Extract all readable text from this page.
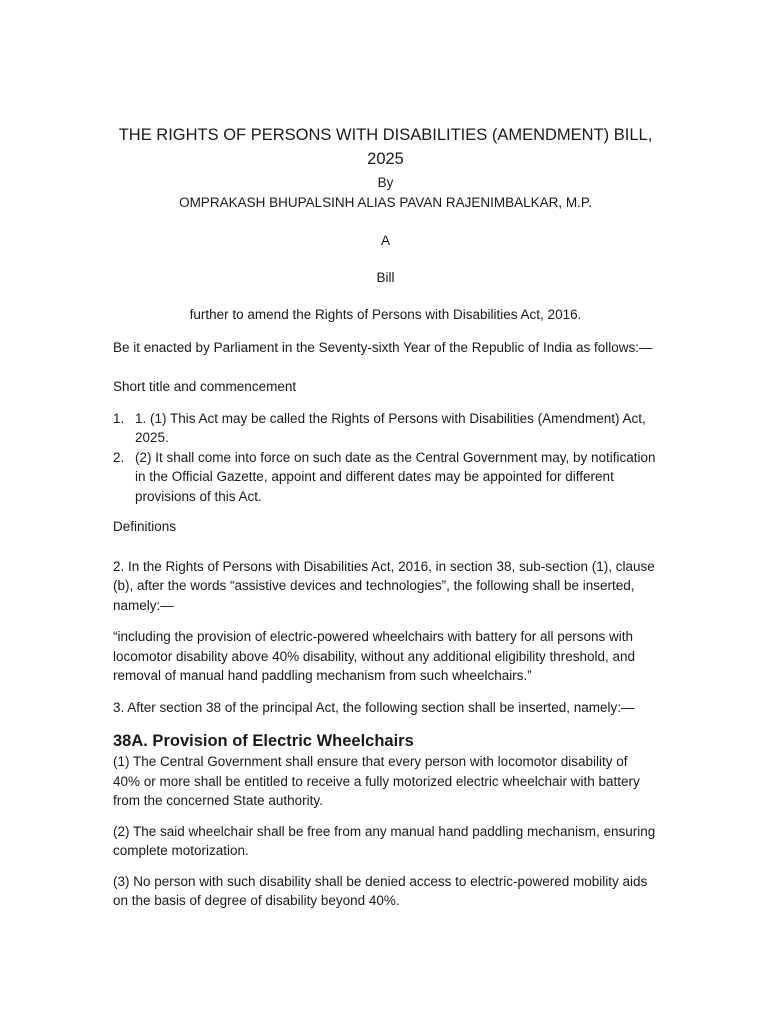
THE RIGHTS OF PERSONS WITH DISABILITIES (AMENDMENT) BILL, 2025

By

OMPRAKASH BHUPALSINH ALIAS PAVAN RAJENIMBALKAR, M.P.

A

Bill

further to amend the Rights of Persons with Disabilities Act, 2016.

Be it enacted by Parliament in the Seventy-sixth Year of the Republic of India as follows:—

Short title and commencement

1. 1. (1) This Act may be called the Rights of Persons with Disabilities (Amendment) Act, 2025.
2. (2) It shall come into force on such date as the Central Government may, by notification in the Official Gazette, appoint and different dates may be appointed for different provisions of this Act.

Definitions

2. In the Rights of Persons with Disabilities Act, 2016, in section 38, sub-section (1), clause (b), after the words “assistive devices and technologies”, the following shall be inserted, namely:—

“including the provision of electric-powered wheelchairs with battery for all persons with locomotor disability above 40% disability, without any additional eligibility threshold, and removal of manual hand paddling mechanism from such wheelchairs.”

3. After section 38 of the principal Act, the following section shall be inserted, namely:—

38A. Provision of Electric Wheelchairs

(1) The Central Government shall ensure that every person with locomotor disability of 40% or more shall be entitled to receive a fully motorized electric wheelchair with battery from the concerned State authority.

(2) The said wheelchair shall be free from any manual hand paddling mechanism, ensuring complete motorization.

(3) No person with such disability shall be denied access to electric-powered mobility aids on the basis of degree of disability beyond 40%.
